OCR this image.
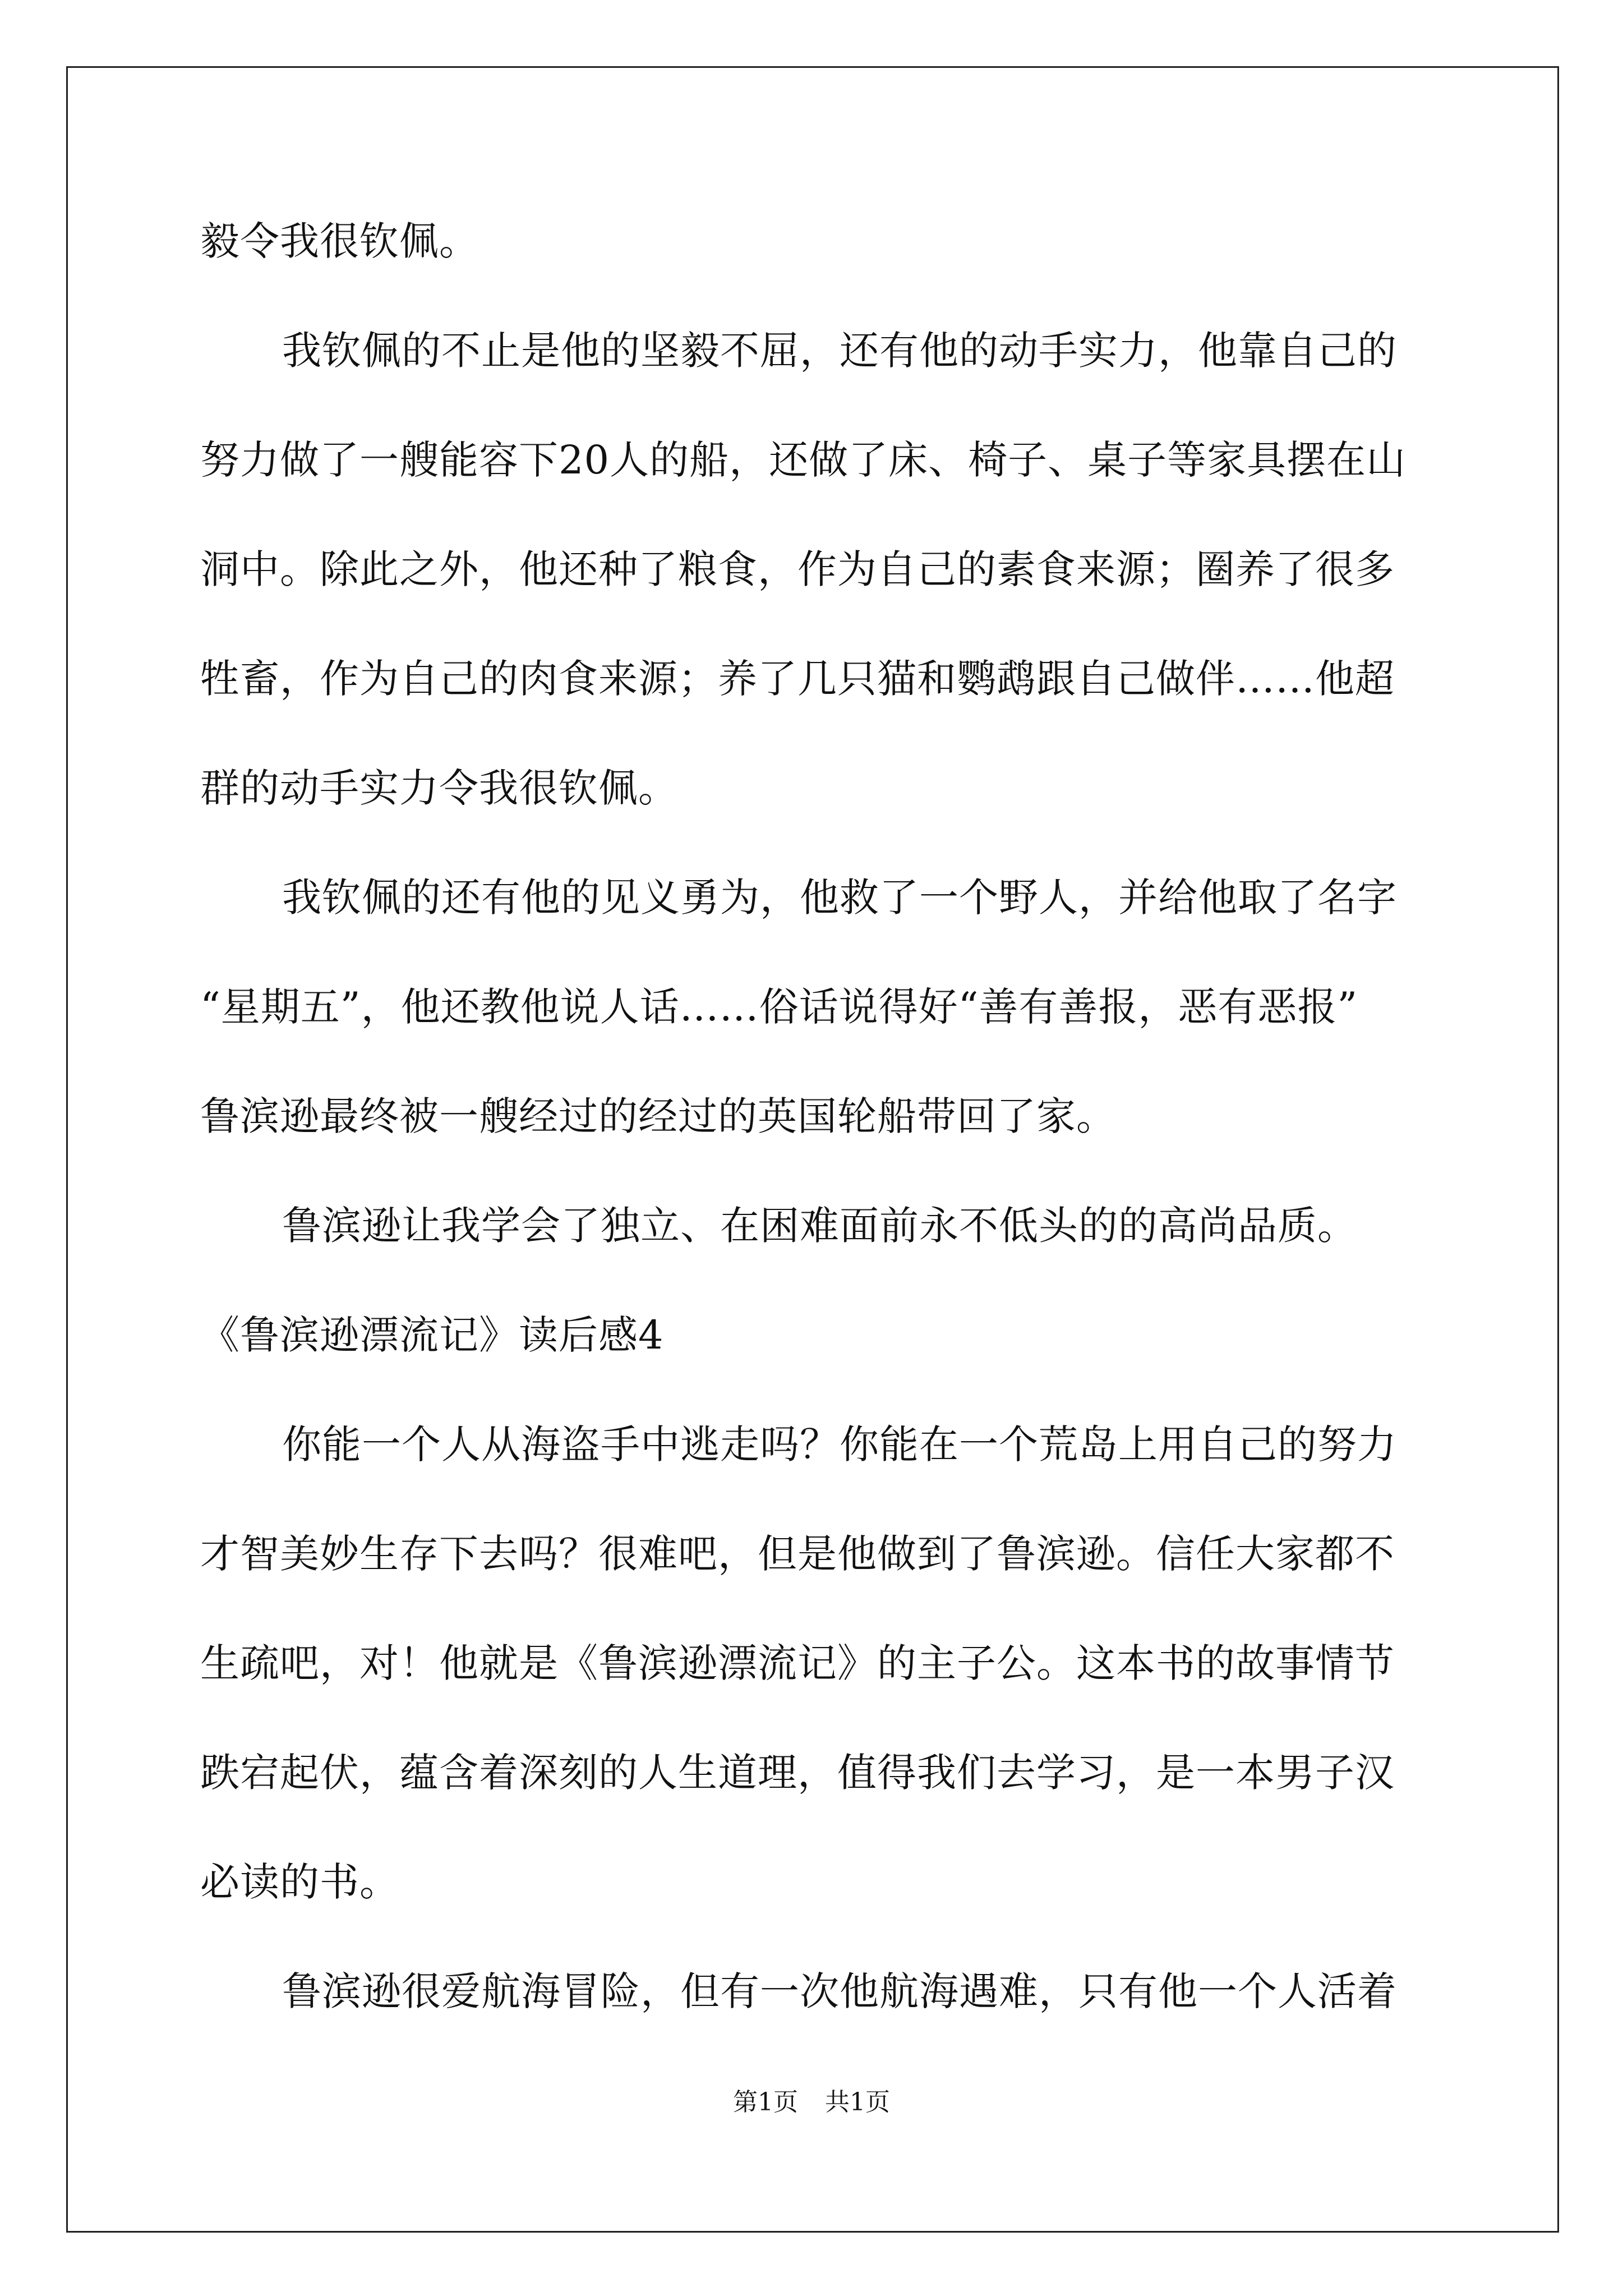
毅令我很钦佩。
我钦佩的不止是他的坚毅不屈，还有他的动手实力，他靠自己的
努力做了一艘能容下20人的船，还做了床、椅子、桌子等家具摆在山
洞中。除此之外，他还种了粮食，作为自己的素食来源；圈养了很多
牲畜，作为自己的肉食来源；养了几只猫和鹦鹉跟自己做伴……他超
群的动手实力令我很钦佩。
我钦佩的还有他的见义勇为，他救了一个野人，并给他取了名字
“星期五”，他还教他说人话……俗话说得好“善有善报，恶有恶报”
鲁滨逊最终被一艘经过的经过的英国轮船带回了家。
鲁滨逊让我学会了独立、在困难面前永不低头的的高尚品质。
《鲁滨逊漂流记》读后感4
你能一个人从海盗手中逃走吗？你能在一个荒岛上用自己的努力
才智美妙生存下去吗？很难吧，但是他做到了鲁滨逊。信任大家都不
生疏吧，对！他就是《鲁滨逊漂流记》的主子公。这本书的故事情节
跌宕起伏，蕴含着深刻的人生道理，值得我们去学习，是一本男子汉
必读的书。
鲁滨逊很爱航海冒险，但有一次他航海遇难，只有他一个人活着
第1页 共1页
